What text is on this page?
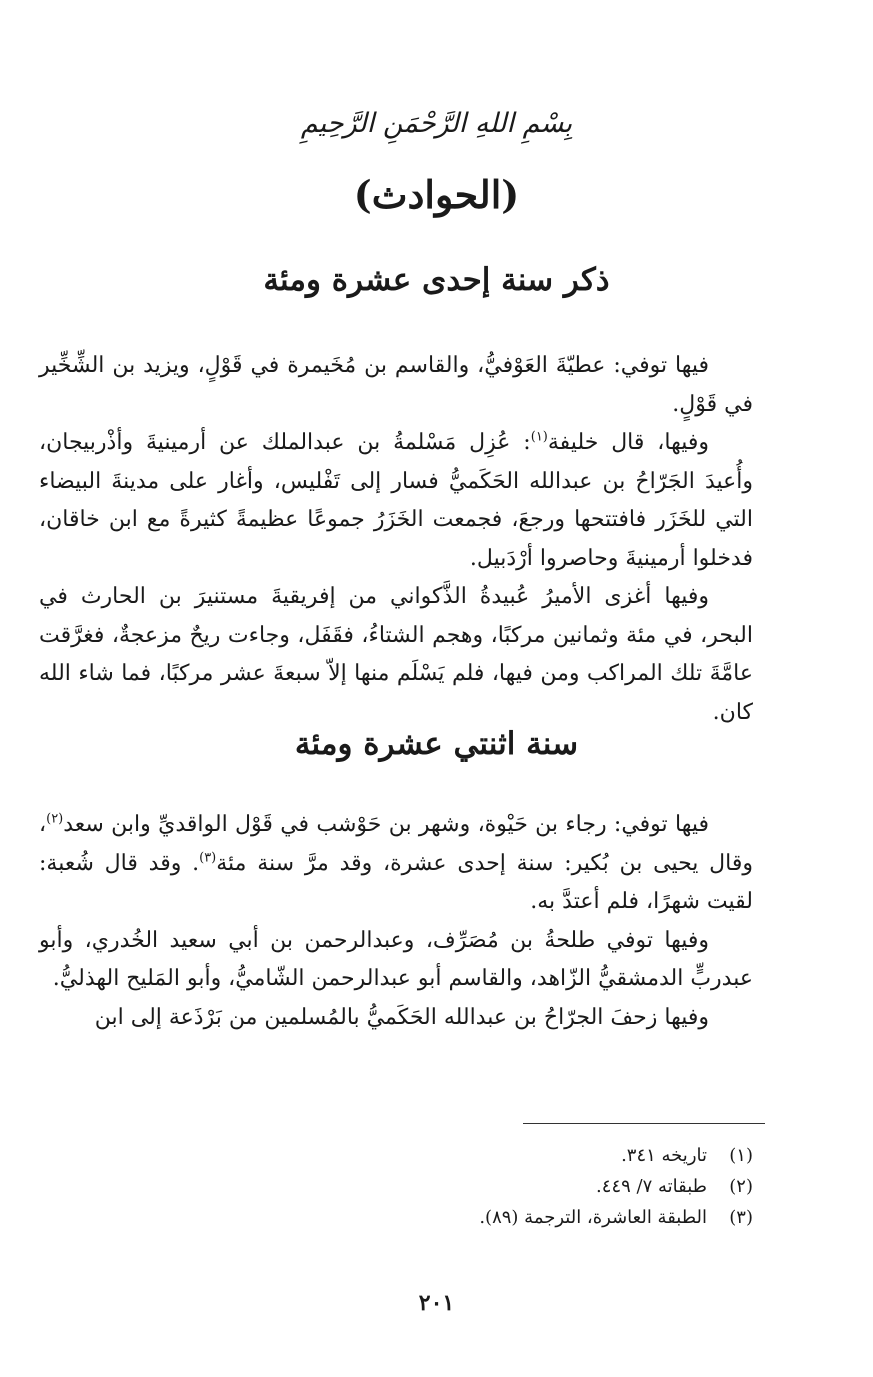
بِسْمِ اللهِ الرَّحْمَنِ الرَّحِيمِ
(الحوادث)
ذكر سنة إحدى عشرة ومئة

فيها توفي: عطيّةَ العَوْفيُّ، والقاسم بن مُخَيمرة في قَوْلٍ، ويزيد بن الشِّخِّير في قَوْلٍ.

وفيها، قال خليفة$^{(١)}$: عُزِل مَسْلمةُ بن عبدالملك عن أرمينيةَ وأذْربيجان، وأُعيدَ الجَرّاحُ بن عبدالله الحَكَميُّ فسار إلى تَفْليس، وأغار على مدينةَ البيضاء التي للخَزَر فافتتحها ورجعَ، فجمعت الخَزَرُ جموعًا عظيمةً كثيرةً مع ابن خاقان، فدخلوا أرمينيةَ وحاصروا أرْدَبيل.

وفيها أغزى الأميرُ عُبيدةُ الذَّكواني من إفريقيةَ مستنيرَ بن الحارث في البحر، في مئة وثمانين مركبًا، وهجم الشتاءُ، فقَفَل، وجاءت ريحٌ مزعجةٌ، فغرَّقت عامَّةَ تلك المراكب ومن فيها، فلم يَسْلَم منها إلاّ سبعةَ عشر مركبًا، فما شاء الله كان.

سنة اثنتي عشرة ومئة

فيها توفي: رجاء بن حَيْوة، وشهر بن حَوْشب في قَوْل الواقديِّ وابن سعد$^{(٢)}$، وقال يحيى بن بُكير: سنة إحدى عشرة، وقد مرَّ سنة مئة$^{(٣)}$. وقد قال شُعبة: لقيت شهرًا، فلم أعتدَّ به.

وفيها توفي طلحةُ بن مُصَرِّف، وعبدالرحمن بن أبي سعيد الخُدري، وأبو عبدربٍّ الدمشقيُّ الزّاهد، والقاسم أبو عبدالرحمن الشّاميُّ، وأبو المَليح الهذليُّ.

وفيها زحفَ الجرّاحُ بن عبدالله الحَكَميُّ بالمُسلمين من بَرْذَعة إلى ابن

(١)تاريخه ٣٤١.
(٢)طبقاته ٧/ ٤٤٩.
(٣)الطبقة العاشرة، الترجمة (٨٩).
٢٠١
